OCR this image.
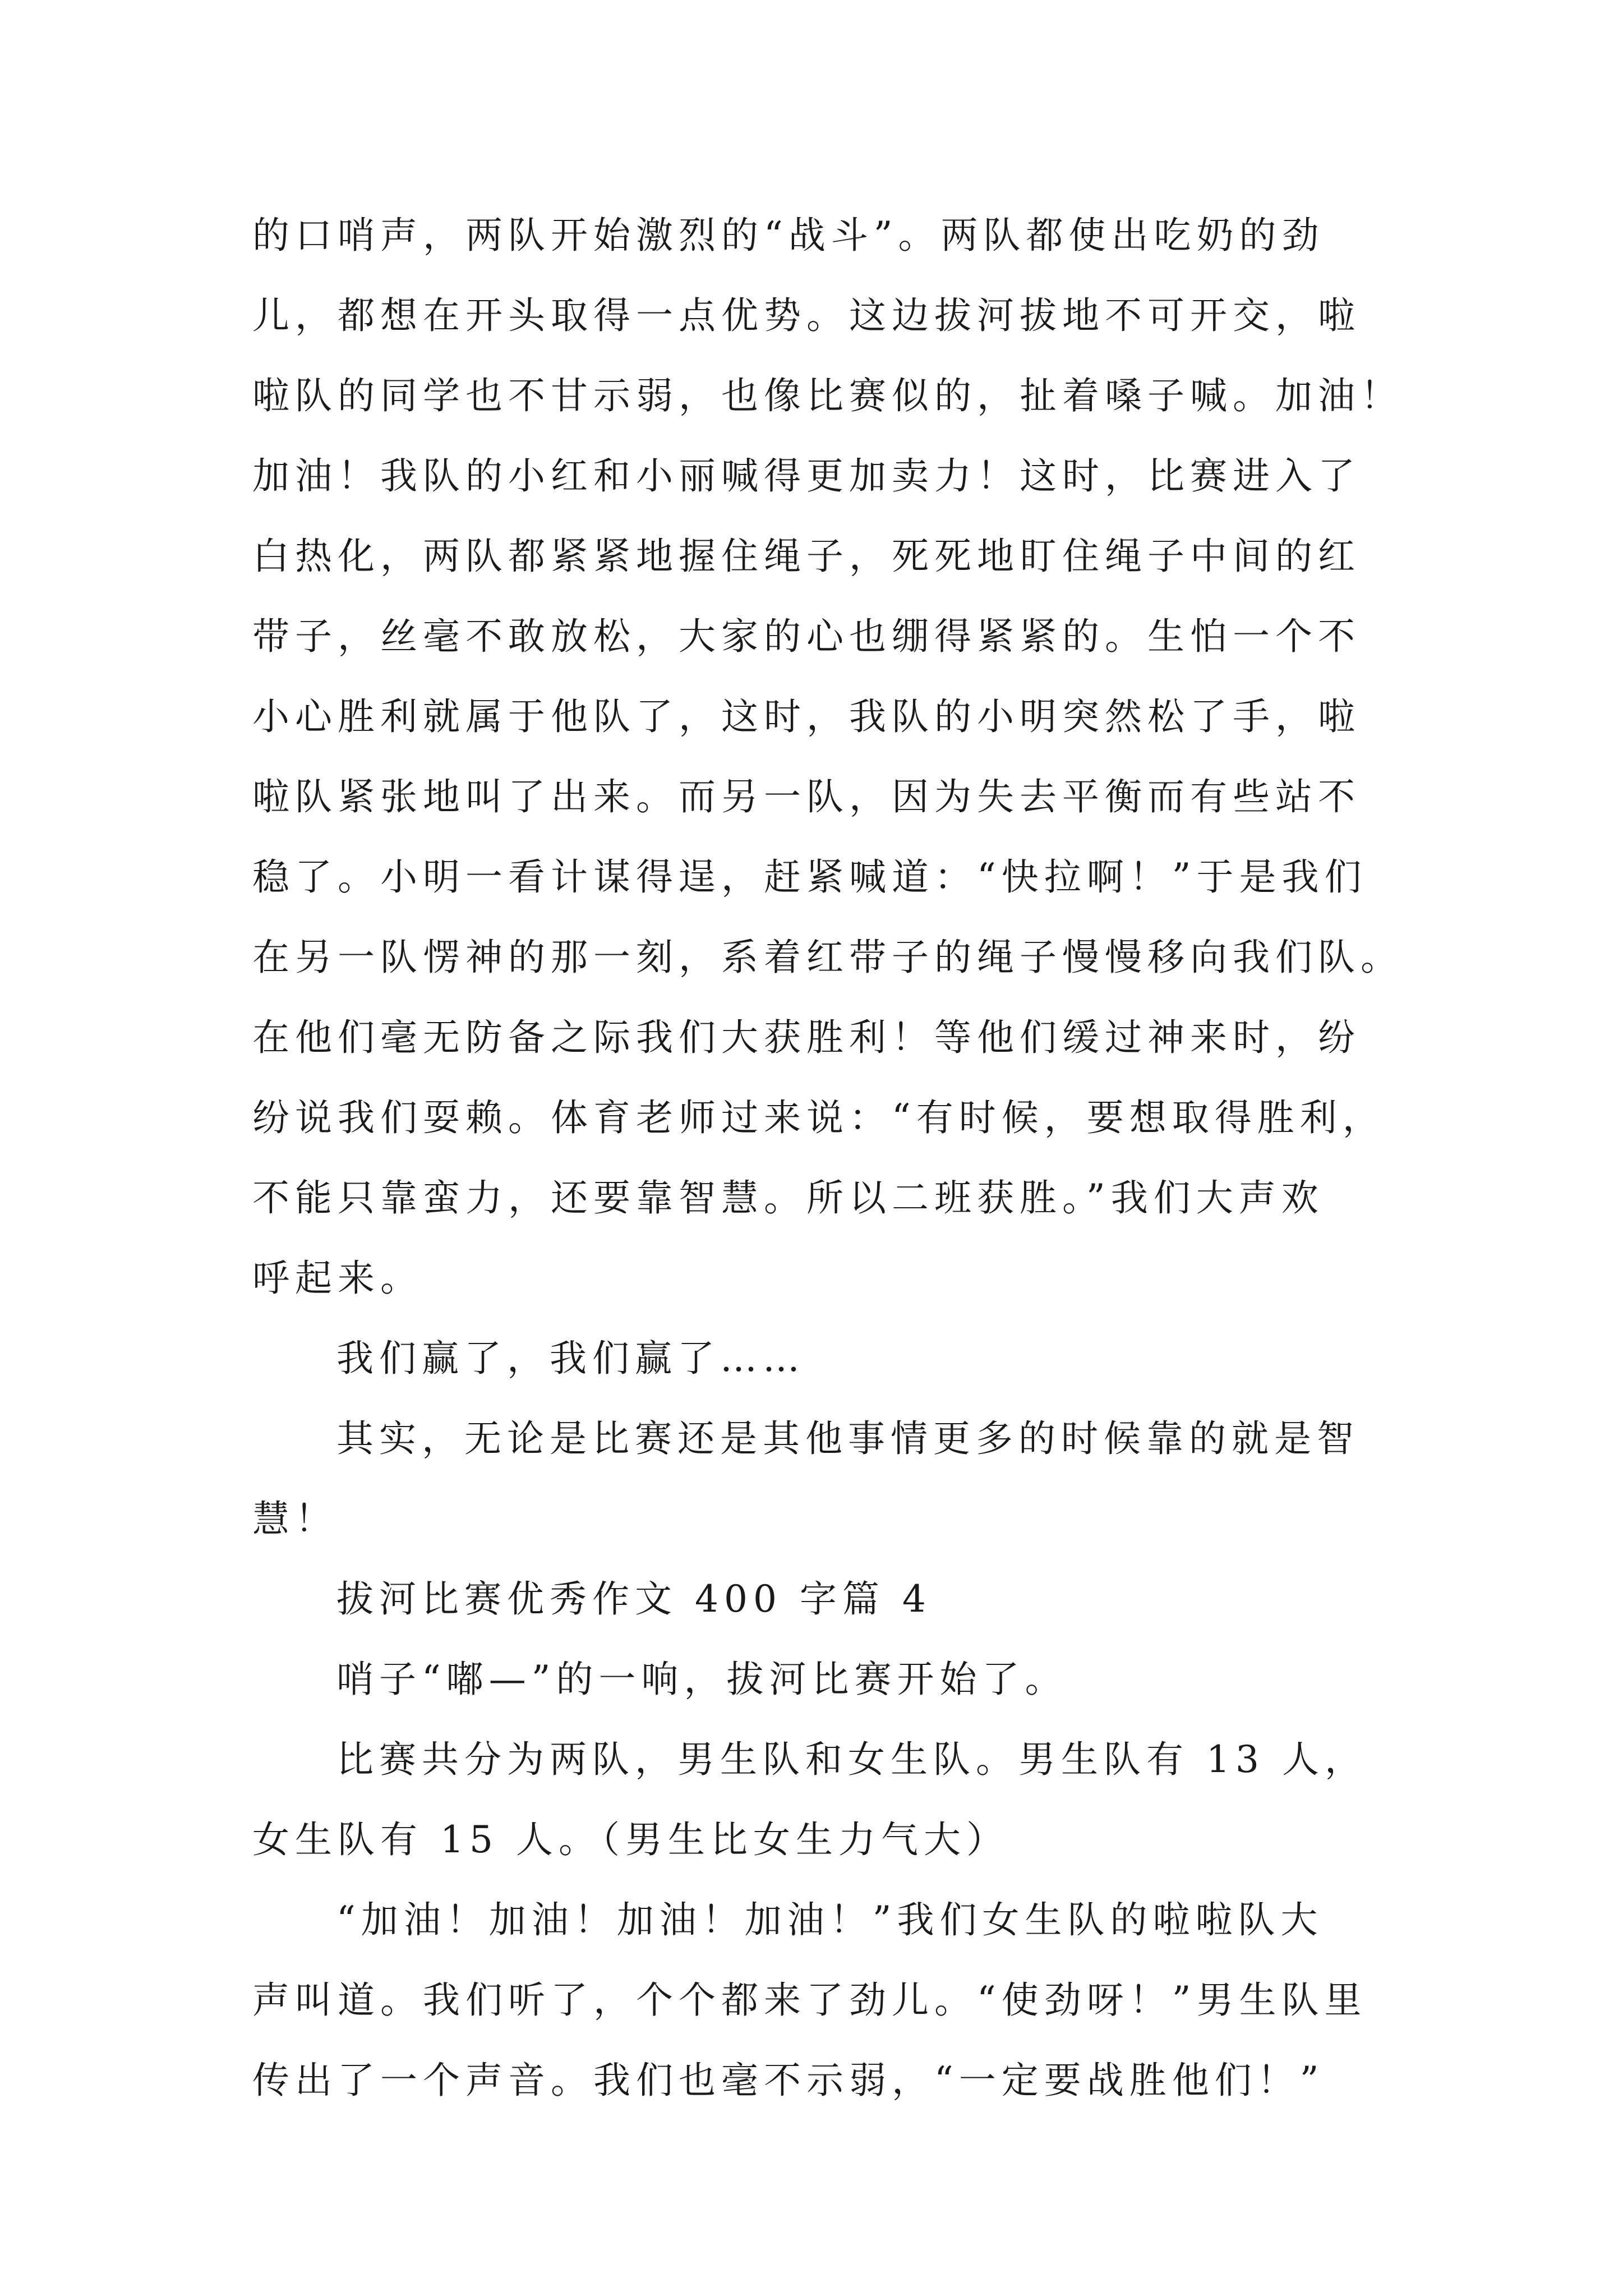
的口哨声，两队开始激烈的“战斗”。两队都使出吃奶的劲
儿，都想在开头取得一点优势。这边拔河拔地不可开交，啦
啦队的同学也不甘示弱，也像比赛似的，扯着嗓子喊。加油！
加油！我队的小红和小丽喊得更加卖力！这时，比赛进入了
白热化，两队都紧紧地握住绳子，死死地盯住绳子中间的红
带子，丝毫不敢放松，大家的心也绷得紧紧的。生怕一个不
小心胜利就属于他队了，这时，我队的小明突然松了手，啦
啦队紧张地叫了出来。而另一队，因为失去平衡而有些站不
稳了。小明一看计谋得逞，赶紧喊道：“快拉啊！”于是我们
在另一队愣神的那一刻，系着红带子的绳子慢慢移向我们队。
在他们毫无防备之际我们大获胜利！等他们缓过神来时，纷
纷说我们耍赖。体育老师过来说：“有时候，要想取得胜利，
不能只靠蛮力，还要靠智慧。所以二班获胜。”我们大声欢
呼起来。
我们赢了，我们赢了……
其实，无论是比赛还是其他事情更多的时候靠的就是智
慧！
拔河比赛优秀作文 400 字篇 4
哨子“嘟—”的一响，拔河比赛开始了。
比赛共分为两队，男生队和女生队。男生队有 13 人，
女生队有 15 人。（男生比女生力气大）
“加油！加油！加油！加油！”我们女生队的啦啦队大
声叫道。我们听了，个个都来了劲儿。“使劲呀！”男生队里
传出了一个声音。我们也毫不示弱，“一定要战胜他们！”
